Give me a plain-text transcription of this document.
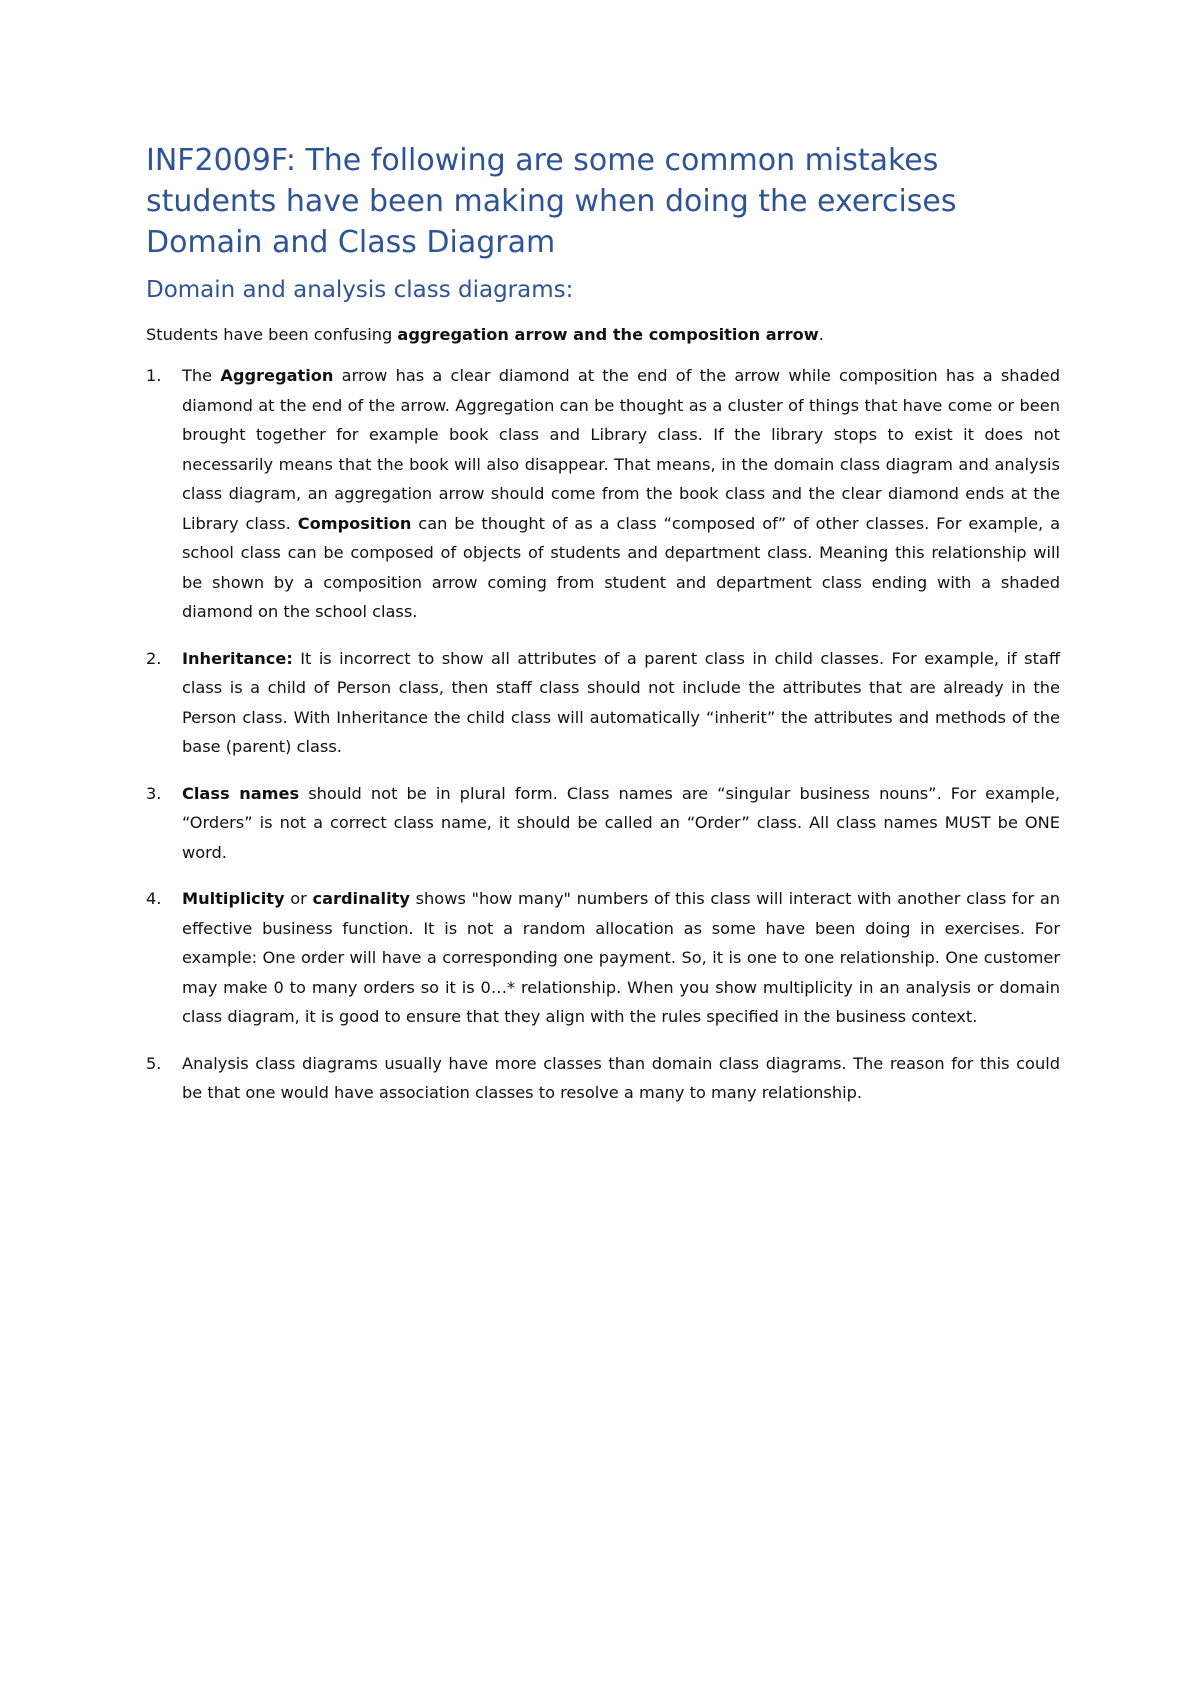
INF2009F: The following are some common mistakes students have been making when doing the exercises Domain and Class Diagram
Domain and analysis class diagrams:

Students have been confusing aggregation arrow and the composition arrow.

1. The Aggregation arrow has a clear diamond at the end of the arrow while composition has a shaded diamond at the end of the arrow. Aggregation can be thought as a cluster of things that have come or been brought together for example book class and Library class. If the library stops to exist it does not necessarily means that the book will also disappear. That means, in the domain class diagram and analysis class diagram, an aggregation arrow should come from the book class and the clear diamond ends at the Library class. Composition can be thought of as a class “composed of” of other classes. For example, a school class can be composed of objects of students and department class. Meaning this relationship will be shown by a composition arrow coming from student and department class ending with a shaded diamond on the school class.
2. Inheritance: It is incorrect to show all attributes of a parent class in child classes. For example, if staff class is a child of Person class, then staff class should not include the attributes that are already in the Person class. With Inheritance the child class will automatically “inherit” the attributes and methods of the base (parent) class.
3. Class names should not be in plural form. Class names are “singular business nouns”. For example, “Orders” is not a correct class name, it should be called an “Order” class. All class names MUST be ONE word.
4. Multiplicity or cardinality shows "how many" numbers of this class will interact with another class for an effective business function. It is not a random allocation as some have been doing in exercises. For example: One order will have a corresponding one payment. So, it is one to one relationship. One customer may make 0 to many orders so it is 0…* relationship. When you show multiplicity in an analysis or domain class diagram, it is good to ensure that they align with the rules specified in the business context.
5. Analysis class diagrams usually have more classes than domain class diagrams. The reason for this could be that one would have association classes to resolve a many to many relationship.
